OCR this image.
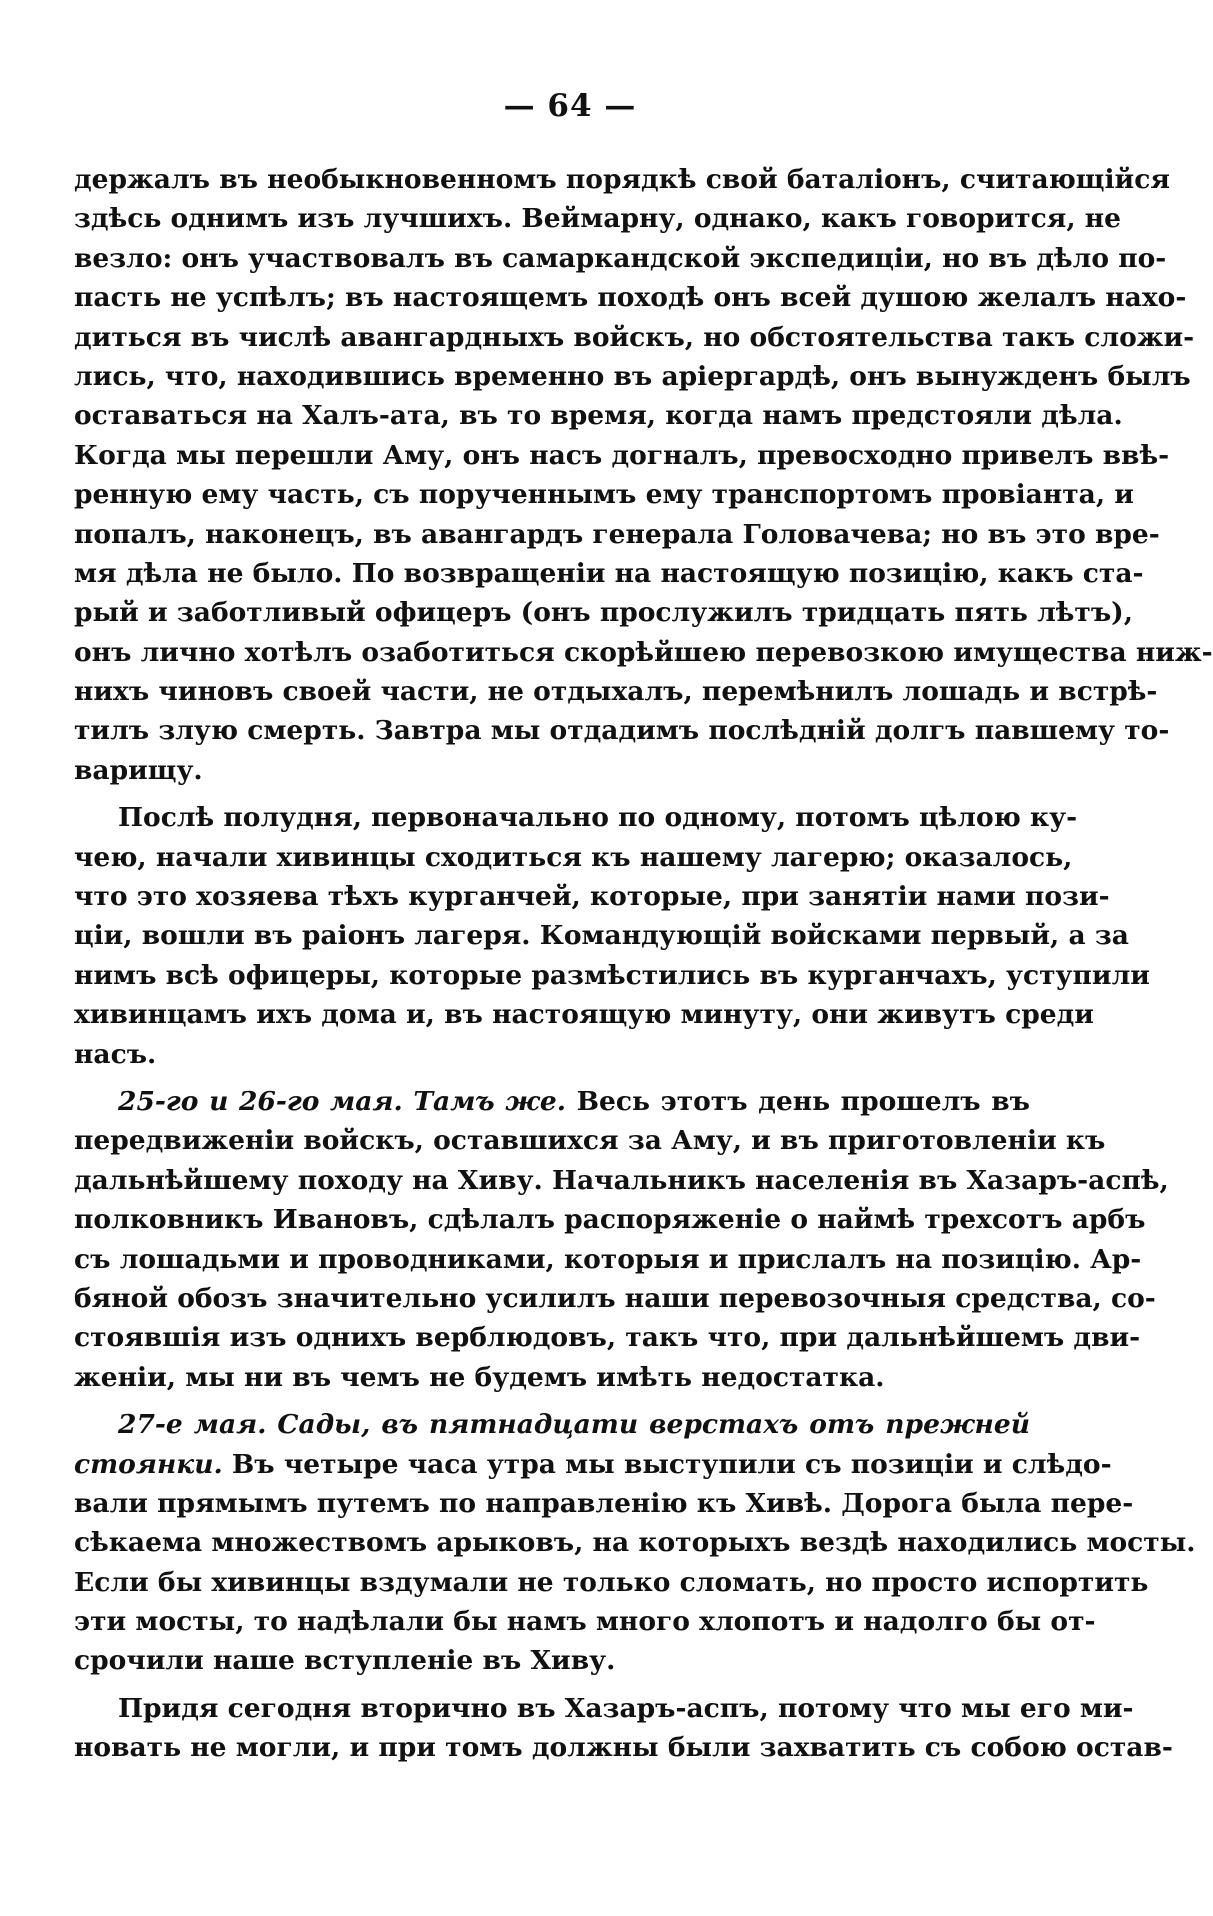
— 64 —
держалъ въ необыкновенномъ порядкѣ свой баталіонъ, считающійся
здѣсь однимъ изъ лучшихъ. Веймарну, однако, какъ говорится, не
везло: онъ участвовалъ въ самаркандской экспедиціи, но въ дѣло по-
пасть не успѣлъ; въ настоящемъ походѣ онъ всей душою желалъ нахо-
диться въ числѣ авангардныхъ войскъ, но обстоятельства такъ сложи-
лись, что, находившись временно въ аріергардѣ, онъ вынужденъ былъ
оставаться на Халъ-ата, въ то время, когда намъ предстояли дѣла.
Когда мы перешли Аму, онъ насъ догналъ, превосходно привелъ ввѣ-
ренную ему часть, съ порученнымъ ему транспортомъ провіанта, и
попалъ, наконецъ, въ авангардъ генерала Головачева; но въ это вре-
мя дѣла не было. По возвращеніи на настоящую позицію, какъ ста-
рый и заботливый офицеръ (онъ прослужилъ тридцать пять лѣтъ),
онъ лично хотѣлъ озаботиться скорѣйшею перевозкою имущества ниж-
нихъ чиновъ своей части, не отдыхалъ, перемѣнилъ лошадь и встрѣ-
тилъ злую смерть. Завтра мы отдадимъ послѣдній долгъ павшему то-
варищу.
Послѣ полудня, первоначально по одному, потомъ цѣлою ку-
чею, начали хивинцы сходиться къ нашему лагерю; оказалось,
что это хозяева тѣхъ курганчей, которые, при занятіи нами пози-
ціи, вошли въ раіонъ лагеря. Командующій войсками первый, а за
нимъ всѣ офицеры, которые размѣстились въ курганчахъ, уступили
хивинцамъ ихъ дома и, въ настоящую минуту, они живутъ среди
насъ.
25-го и 26-го мая. Тамъ же. Весь этотъ день прошелъ въ
передвиженіи войскъ, оставшихся за Аму, и въ приготовленіи къ
дальнѣйшему походу на Хиву. Начальникъ населенія въ Хазаръ-аспѣ,
полковникъ Ивановъ, сдѣлалъ распоряженіе о наймѣ трехсотъ арбъ
съ лошадьми и проводниками, которыя и прислалъ на позицію. Ар-
бяной обозъ значительно усилилъ наши перевозочныя средства, со-
стоявшія изъ однихъ верблюдовъ, такъ что, при дальнѣйшемъ дви-
женіи, мы ни въ чемъ не будемъ имѣть недостатка.
27-е мая. Сады, въ пятнадцати верстахъ отъ прежней
стоянки. Въ четыре часа утра мы выступили съ позиціи и слѣдо-
вали прямымъ путемъ по направленію къ Хивѣ. Дорога была пере-
сѣкаема множествомъ арыковъ, на которыхъ вездѣ находились мосты.
Если бы хивинцы вздумали не только сломать, но просто испортить
эти мосты, то надѣлали бы намъ много хлопотъ и надолго бы от-
срочили наше вступленіе въ Хиву.
Придя сегодня вторично въ Хазаръ-аспъ, потому что мы его ми-
новать не могли, и при томъ должны были захватить съ собою остав-
